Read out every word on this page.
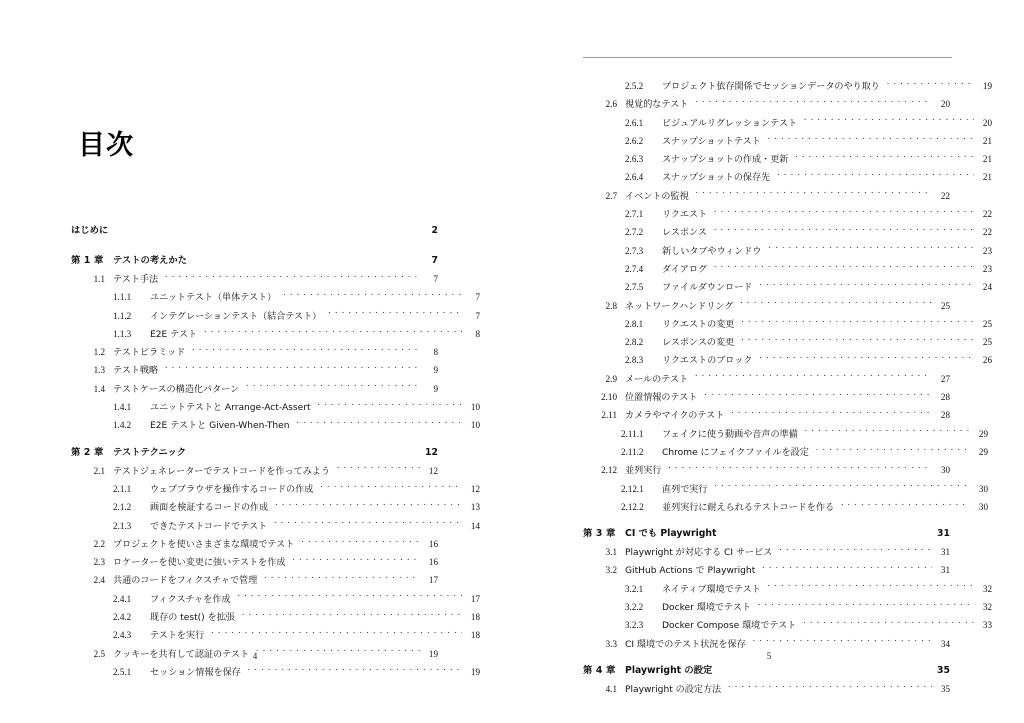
目次
はじめに	2
第 1 章	テストの考えかた	7
1.1 テスト手法 . . .	7
1.1.1	ユニットテスト（単体テスト） . . .	7
1.1.2	インテグレーションテスト（結合テスト） . . .	7
1.1.3	E2E テスト . . .	8
1.2 テストピラミッド . . .	8
1.3 テスト戦略 . . .	9
1.4 テストケースの構造化パターン . . .	9
1.4.1	ユニットテストと Arrange-Act-Assert . . .	10
1.4.2	E2E テストと Given-When-Then . . .	10
第 2 章	テストテクニック	12
2.1 テストジェネレーターでテストコードを作ってみよう . . .	12
2.1.1	ウェブブラウザを操作するコードの作成 . . .	12
2.1.2	画面を検証するコードの作成 . . .	13
2.1.3	できたテストコードでテスト . . .	14
2.2 プロジェクトを使いさまざまな環境でテスト . . .	16
2.3 ロケーターを使い変更に強いテストを作成 . . .	16
2.4 共通のコードをフィクスチャで管理 . . .	17
2.4.1	フィクスチャを作成 . . .	17
2.4.2	既存の test() を拡張 . . .	18
2.4.3	テストを実行 . . .	18
2.5 クッキーを共有して認証のテスト . . .	19
2.5.1	セッション情報を保存 . . .	19
4
2.5.2	プロジェクト依存関係でセッションデータのやり取り . . .	19
2.6 視覚的なテスト . . .	20
2.6.1	ビジュアルリグレッションテスト . . .	20
2.6.2	スナップショットテスト . . .	21
2.6.3	スナップショットの作成・更新 . . .	21
2.6.4	スナップショットの保存先 . . .	21
2.7 イベントの監視 . . .	22
2.7.1	リクエスト . . .	22
2.7.2	レスポンス . . .	22
2.7.3	新しいタブやウィンドウ . . .	23
2.7.4	ダイアログ . . .	23
2.7.5	ファイルダウンロード . . .	24
2.8 ネットワークハンドリング . . .	25
2.8.1	リクエストの変更 . . .	25
2.8.2	レスポンスの変更 . . .	25
2.8.3	リクエストのブロック . . .	26
2.9 メールのテスト . . .	27
2.10 位置情報のテスト . . .	28
2.11 カメラやマイクのテスト . . .	28
2.11.1	フェイクに使う動画や音声の準備 . . .	29
2.11.2	Chrome にフェイクファイルを設定 . . .	29
2.12 並列実行 . . .	30
2.12.1	直列で実行 . . .	30
2.12.2	並列実行に耐えられるテストコードを作る . . .	30
第 3 章	CI でも Playwright	31
3.1 Playwright が対応する CI サービス . . .	31
3.2 GitHub Actions で Playwright . . .	31
3.2.1	ネイティブ環境でテスト . . .	32
3.2.2	Docker 環境でテスト . . .	32
3.2.3	Docker Compose 環境でテスト . . .	33
3.3 CI 環境でのテスト状況を保存 . . .	34
第 4 章	Playwright の設定	35
4.1 Playwright の設定方法 . . .	35
5
